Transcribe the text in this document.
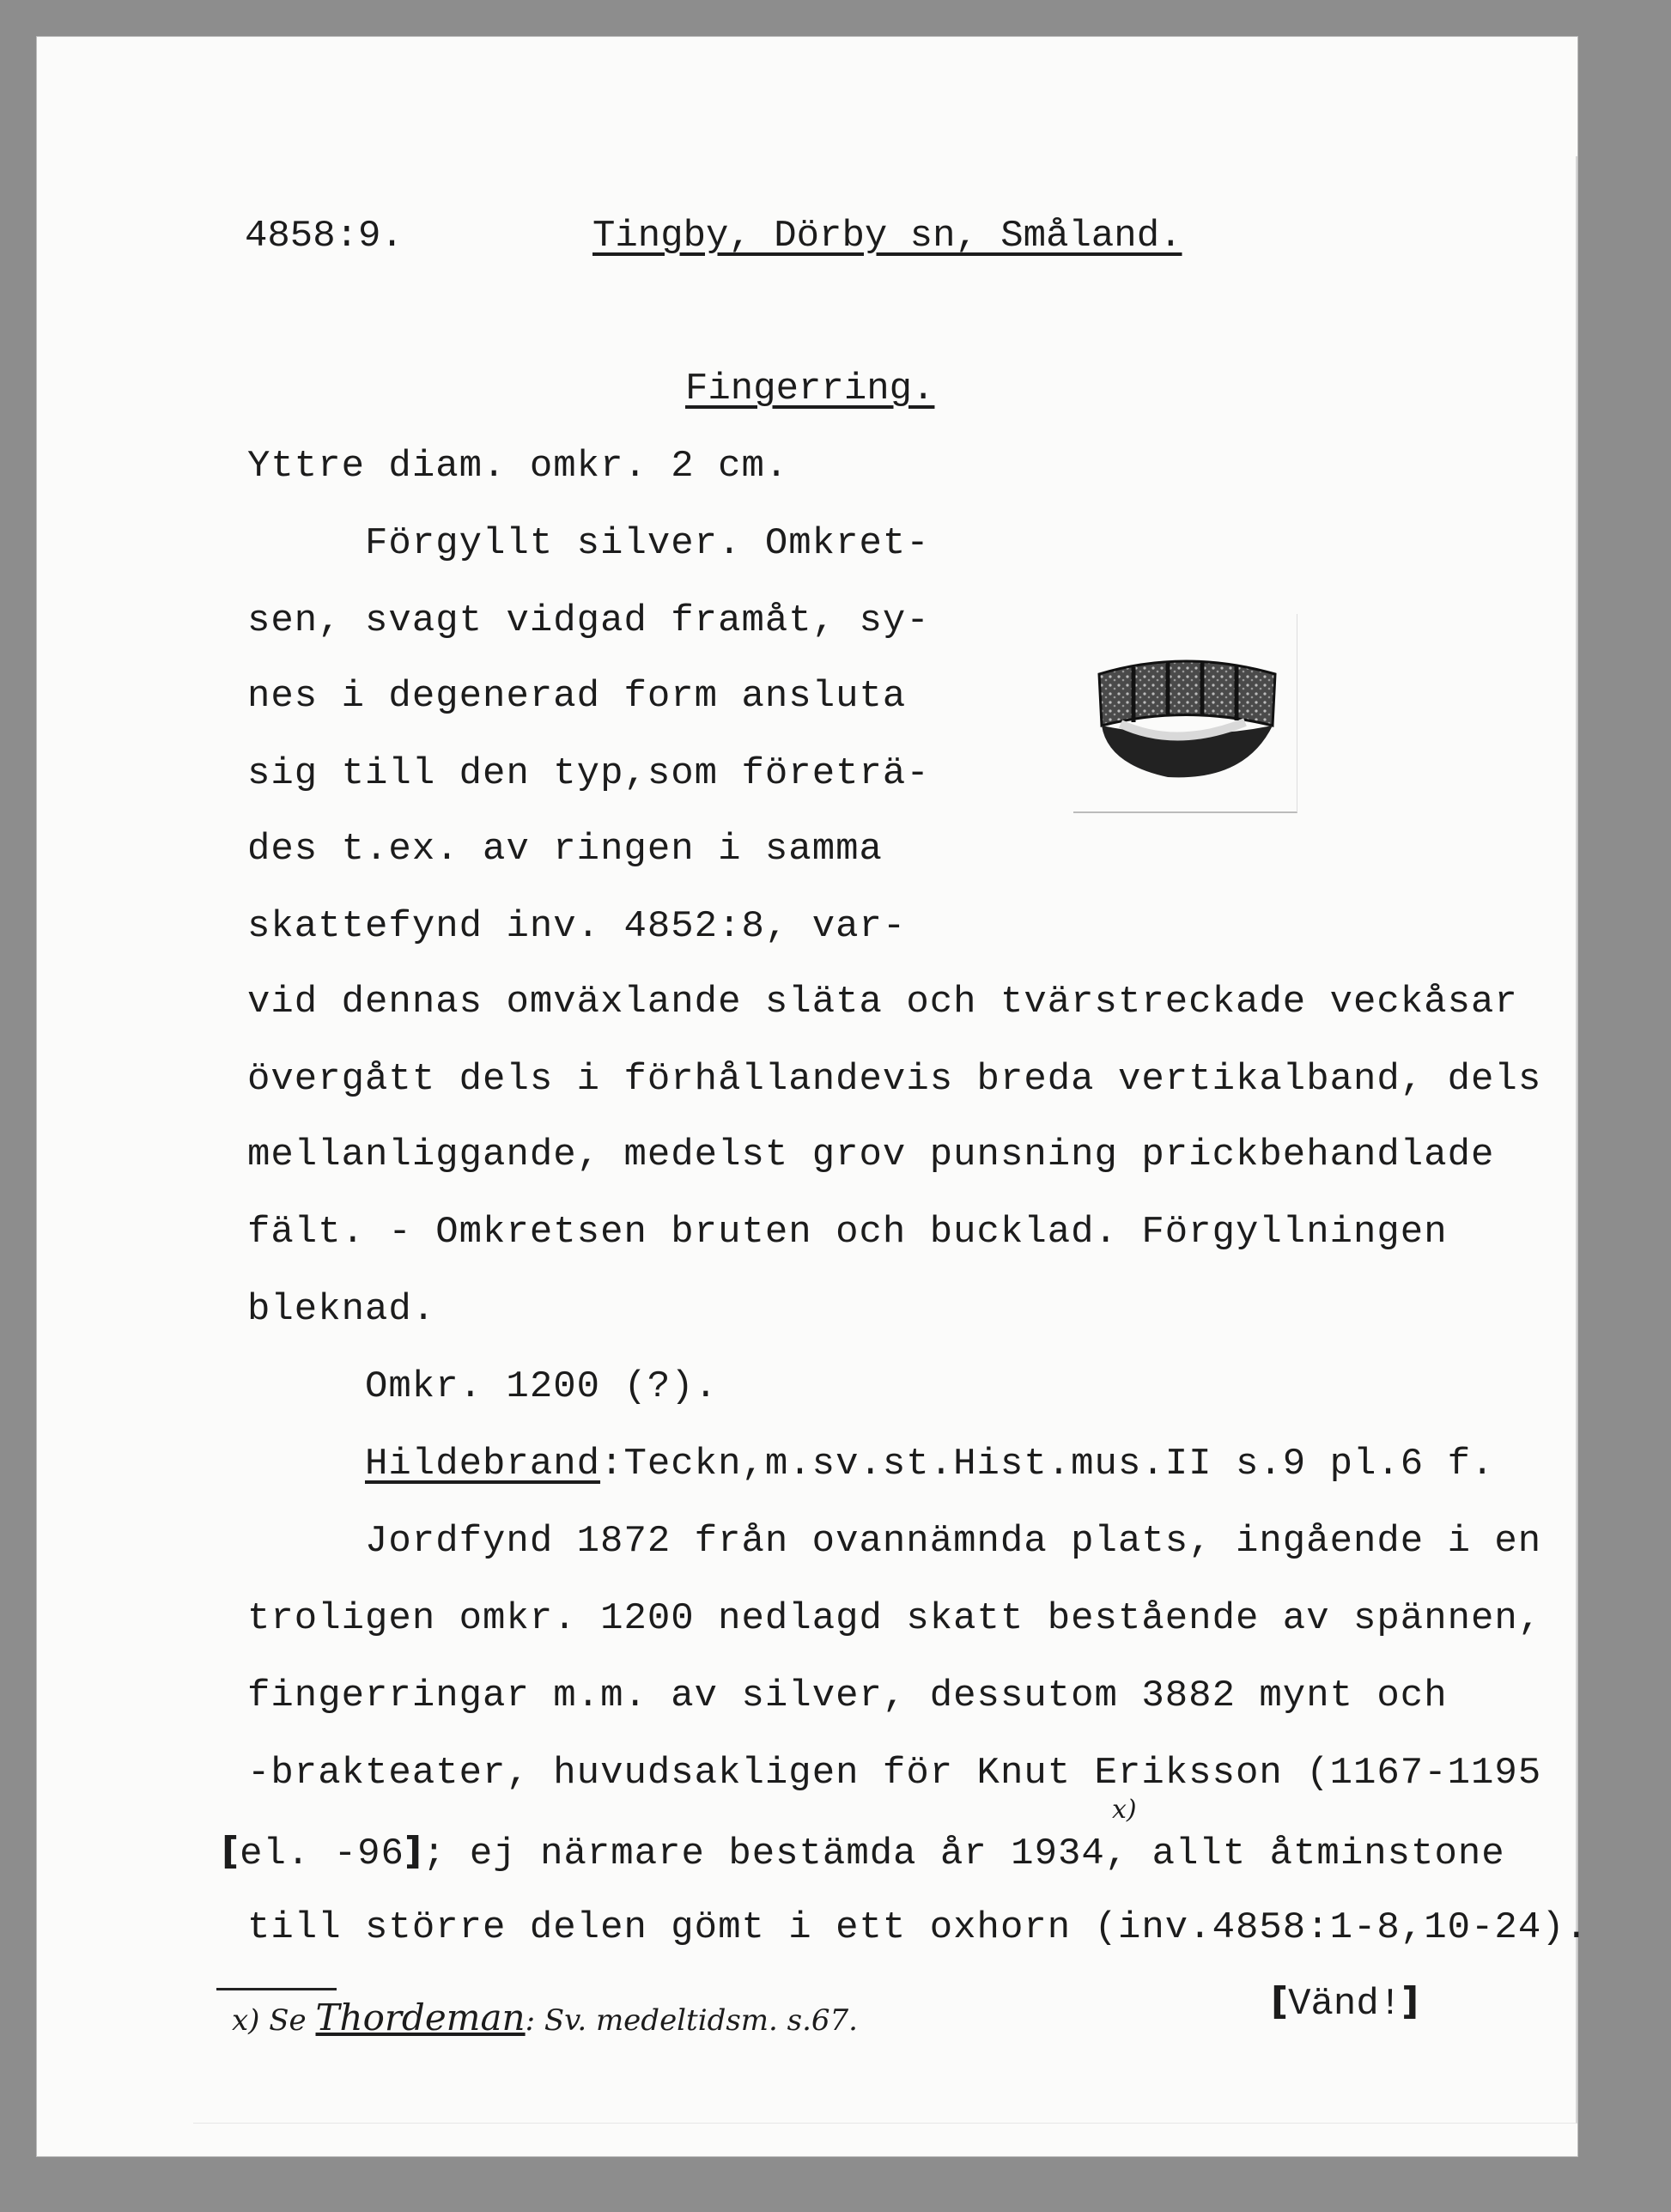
4858:9.	Tingby, Dörby sn, Småland.
Fingerring.
Yttre diam. omkr. 2 cm.
Förgyllt silver. Omkret-
sen, svagt vidgad framåt, sy-
nes i degenerad form ansluta
sig till den typ,som företrä-
des t.ex. av ringen i samma
skattefynd inv. 4852:8, var-
vid dennas omväxlande släta och tvärstreckade veckåsar
övergått dels i förhållandevis breda vertikalband, dels
mellanliggande, medelst grov punsning prickbehandlade
fält. - Omkretsen bruten och bucklad. Förgyllningen
bleknad.
Omkr. 1200 (?).
Hildebrand:Teckn,m.sv.st.Hist.mus.II s.9 pl.6 f.
Jordfynd 1872 från ovannämnda plats, ingående i en
troligen omkr. 1200 nedlagd skatt bestående av spännen,
fingerringar m.m. av silver, dessutom 3882 mynt och
-brakteater, huvudsakligen för Knut Eriksson (1167-1195
[el. -96]; ej närmare bestämda år 1934, allt åtminstone
x)
till större delen gömt i ett oxhorn (inv.4858:1-8,10-24).
x) Se Thordeman: Sv. medeltidsm. s.67.	[Vänd!]
